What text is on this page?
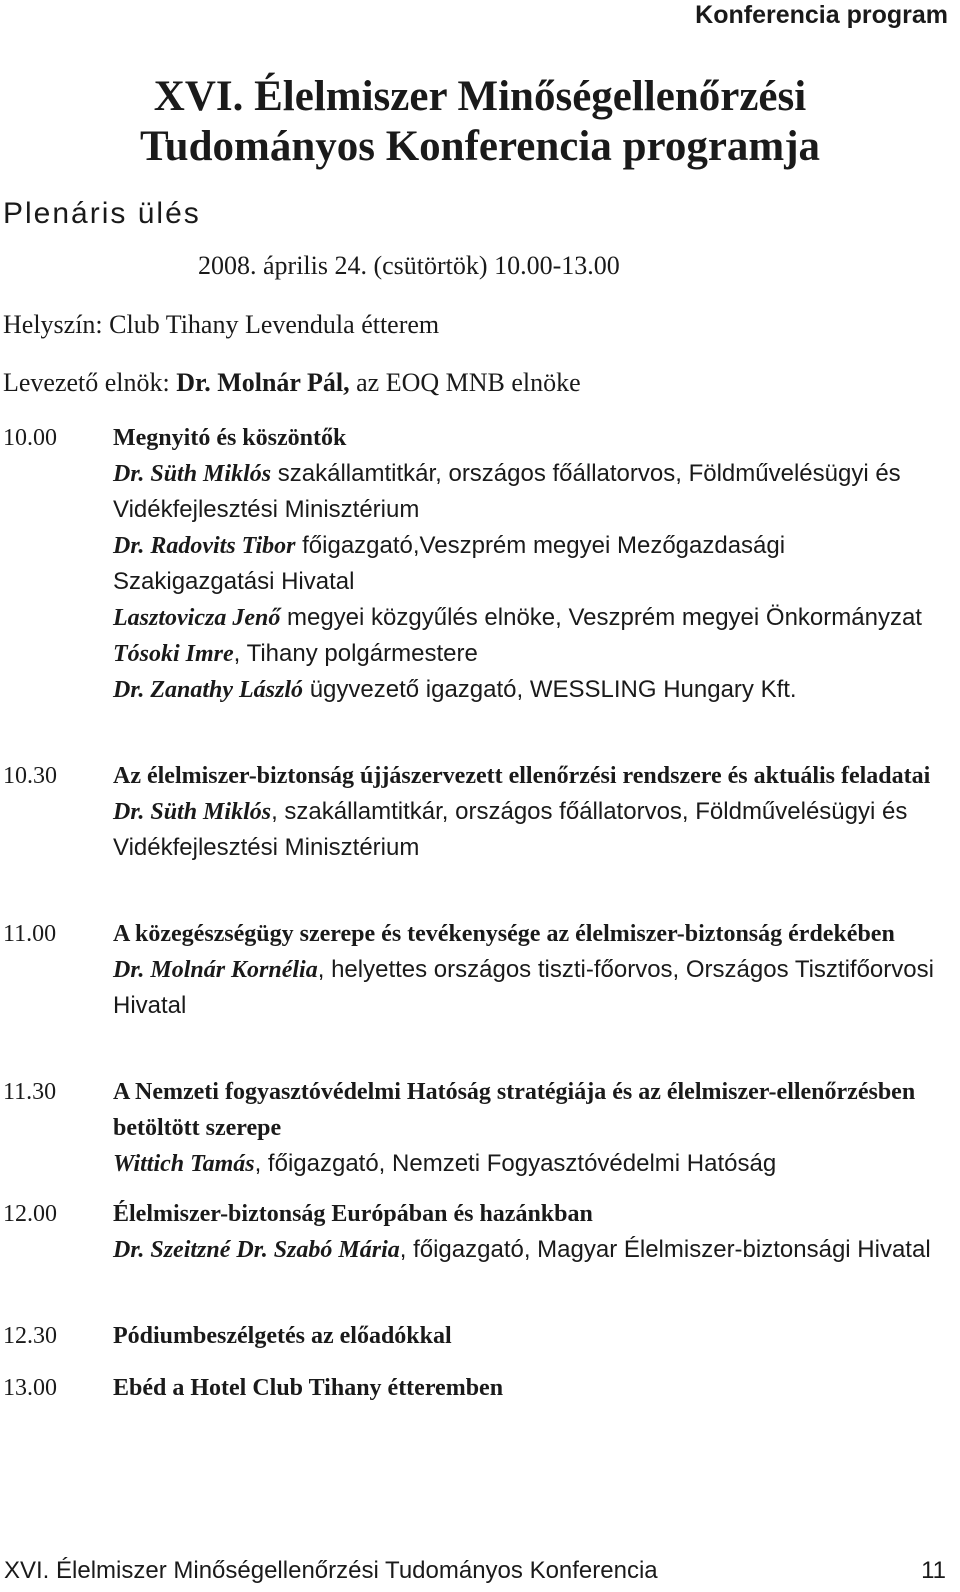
Konferencia program
XVI. Élelmiszer Minőségellenőrzési
Tudományos Konferencia programja
Plenáris ülés
2008. április 24. (csütörtök) 10.00-13.00
Helyszín: Club Tihany Levendula étterem
Levezető elnök: Dr. Molnár Pál, az EOQ MNB elnöke
10.00	Megnyitó és köszöntők
Dr. Süth Miklós szakállamtitkár, országos főállatorvos, Földművelésügyi és Vidékfejlesztési Minisztérium
Dr. Radovits Tibor főigazgató,Veszprém megyei Mezőgazdasági Szakigazgatási Hivatal
Lasztovicza Jenő megyei közgyűlés elnöke, Veszprém megyei Önkormányzat
Tósoki Imre, Tihany polgármestere
Dr. Zanathy László ügyvezető igazgató, WESSLING Hungary Kft.
10.30	Az élelmiszer-biztonság újjászervezett ellenőrzési rendszere és aktuális feladatai
Dr. Süth Miklós, szakállamtitkár, országos főállatorvos, Földművelésügyi és Vidékfejlesztési Minisztérium
11.00	A közegészségügy szerepe és tevékenysége az élelmiszer-biztonság érdekében
Dr. Molnár Kornélia, helyettes országos tiszti-főorvos, Országos Tisztifőorvosi Hivatal
11.30	A Nemzeti fogyasztóvédelmi Hatóság stratégiája és az élelmiszer-ellenőrzésben betöltött szerepe
Wittich Tamás, főigazgató, Nemzeti Fogyasztóvédelmi Hatóság
12.00	Élelmiszer-biztonság Európában és hazánkban
Dr. Szeitzné Dr. Szabó Mária, főigazgató, Magyar Élelmiszer-biztonsági Hivatal
12.30	Pódiumbeszélgetés az előadókkal
13.00	Ebéd a Hotel Club Tihany étteremben
XVI. Élelmiszer Minőségellenőrzési Tudományos Konferencia	11
